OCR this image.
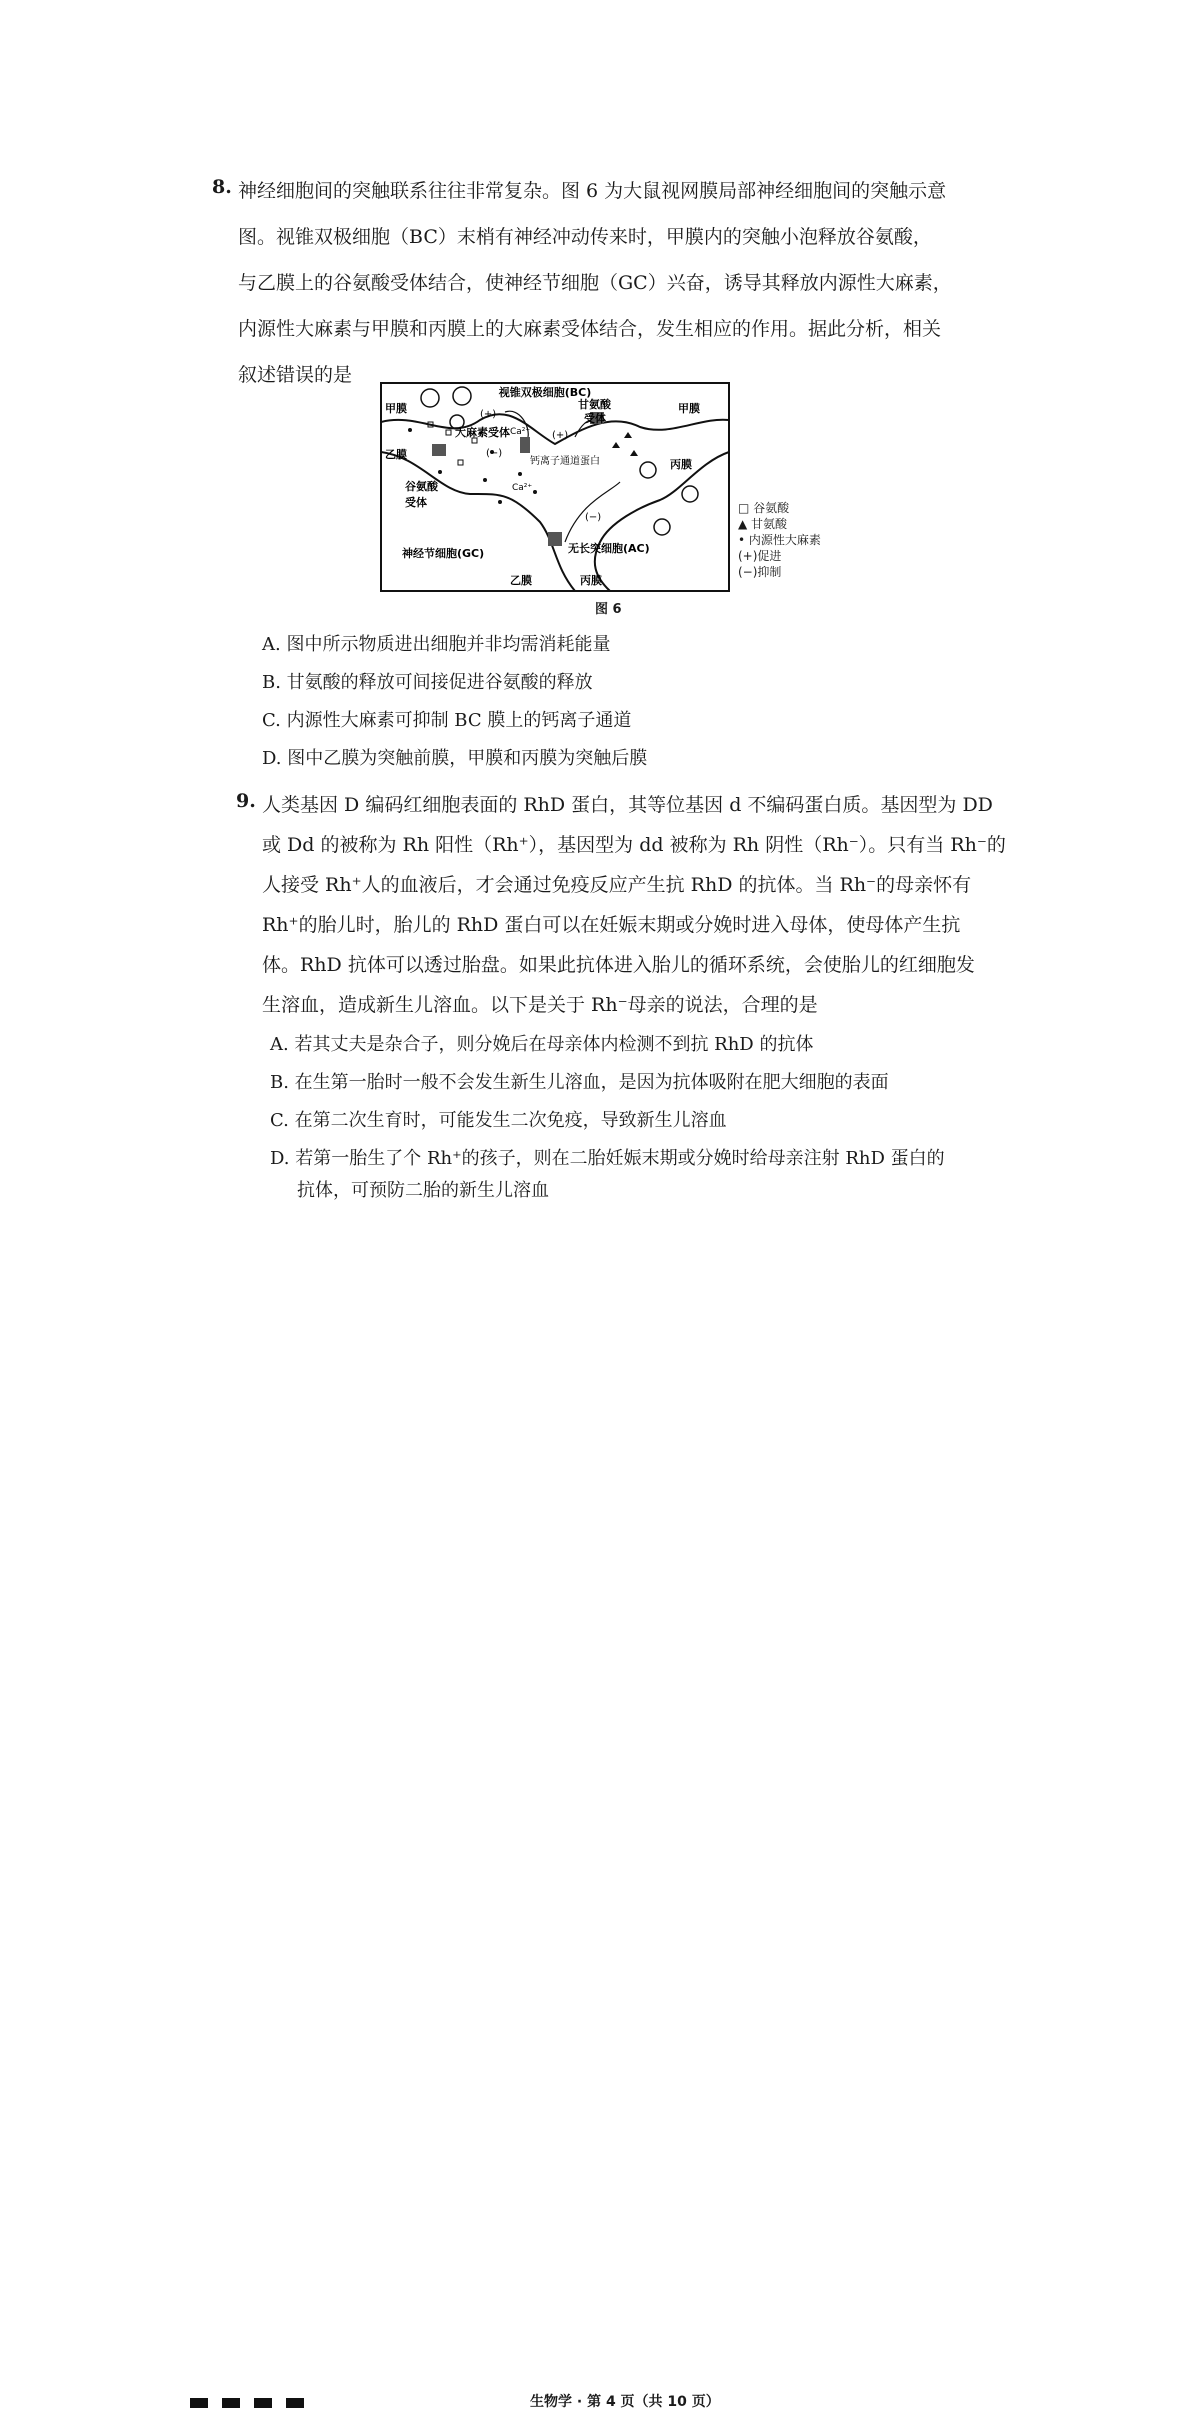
8. 神经细胞间的突触联系往往非常复杂。图 6 为大鼠视网膜局部神经细胞间的突触示意
图。视锥双极细胞（BC）末梢有神经冲动传来时，甲膜内的突触小泡释放谷氨酸，
与乙膜上的谷氨酸受体结合，使神经节细胞（GC）兴奋，诱导其释放内源性大麻素，
内源性大麻素与甲膜和丙膜上的大麻素受体结合，发生相应的作用。据此分析，相关
叙述错误的是
视锥双极细胞(BC)
甲膜	甲膜
(+)
(+)
大麻素受体
(−)
甘氨酸
受体
Ca²⁺
Ca²⁺
钙离子通道蛋白
乙膜
丙膜
谷氨酸
受体
(−)
神经节细胞(GC)	无长突细胞(AC)
乙膜	丙膜
□ 谷氨酸
▲ 甘氨酸
• 内源性大麻素
(+)促进
(−)抑制
图 6
A. 图中所示物质进出细胞并非均需消耗能量
B. 甘氨酸的释放可间接促进谷氨酸的释放
C. 内源性大麻素可抑制 BC 膜上的钙离子通道
D. 图中乙膜为突触前膜，甲膜和丙膜为突触后膜
9. 人类基因 D 编码红细胞表面的 RhD 蛋白，其等位基因 d 不编码蛋白质。基因型为 DD
或 Dd 的被称为 Rh 阳性（Rh⁺），基因型为 dd 被称为 Rh 阴性（Rh⁻）。只有当 Rh⁻的
人接受 Rh⁺人的血液后，才会通过免疫反应产生抗 RhD 的抗体。当 Rh⁻的母亲怀有
Rh⁺的胎儿时，胎儿的 RhD 蛋白可以在妊娠末期或分娩时进入母体，使母体产生抗
体。RhD 抗体可以透过胎盘。如果此抗体进入胎儿的循环系统，会使胎儿的红细胞发
生溶血，造成新生儿溶血。以下是关于 Rh⁻母亲的说法，合理的是
A. 若其丈夫是杂合子，则分娩后在母亲体内检测不到抗 RhD 的抗体
B. 在生第一胎时一般不会发生新生儿溶血，是因为抗体吸附在肥大细胞的表面
C. 在第二次生育时，可能发生二次免疫，导致新生儿溶血
D. 若第一胎生了个 Rh⁺的孩子，则在二胎妊娠末期或分娩时给母亲注射 RhD 蛋白的
抗体，可预防二胎的新生儿溶血
生物学 · 第 4 页（共 10 页）
